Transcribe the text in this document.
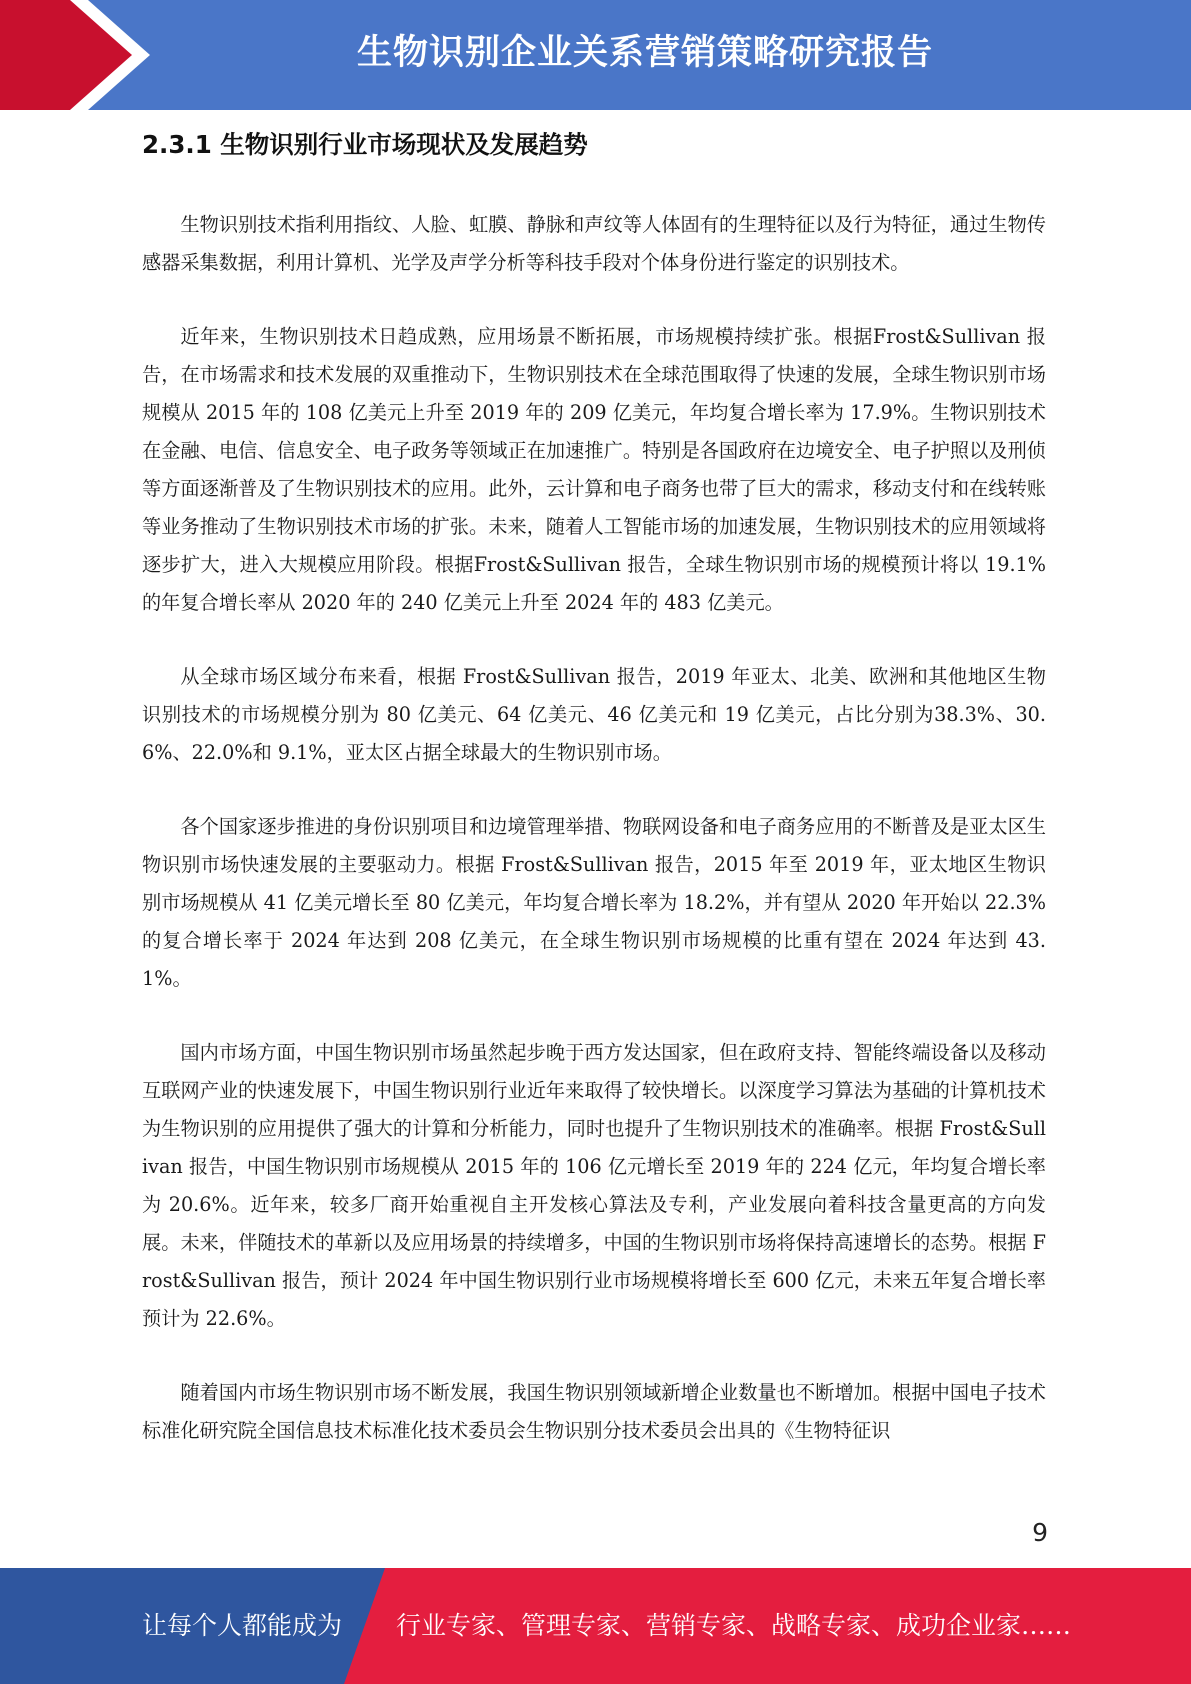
生物识别企业关系营销策略研究报告
2.3.1 生物识别行业市场现状及发展趋势

生物识别技术指利用指纹、人脸、虹膜、静脉和声纹等人体固有的生理特征以及行为特征，通过生物传感器采集数据，利用计算机、光学及声学分析等科技手段对个体身份进行鉴定的识别技术。

近年来，生物识别技术日趋成熟，应用场景不断拓展，市场规模持续扩张。根据Frost&Sullivan 报告，在市场需求和技术发展的双重推动下，生物识别技术在全球范围取得了快速的发展，全球生物识别市场规模从 2015 年的 108 亿美元上升至 2019 年的 209 亿美元，年均复合增长率为 17.9%。生物识别技术在金融、电信、信息安全、电子政务等领域正在加速推广。特别是各国政府在边境安全、电子护照以及刑侦等方面逐渐普及了生物识别技术的应用。此外，云计算和电子商务也带了巨大的需求，移动支付和在线转账等业务推动了生物识别技术市场的扩张。未来，随着人工智能市场的加速发展，生物识别技术的应用领域将逐步扩大，进入大规模应用阶段。根据Frost&Sullivan 报告，全球生物识别市场的规模预计将以 19.1%的年复合增长率从 2020 年的 240 亿美元上升至 2024 年的 483 亿美元。

从全球市场区域分布来看，根据 Frost&Sullivan 报告，2019 年亚太、北美、欧洲和其他地区生物识别技术的市场规模分别为 80 亿美元、64 亿美元、46 亿美元和 19 亿美元，占比分别为38.3%、30.6%、22.0%和 9.1%，亚太区占据全球最大的生物识别市场。

各个国家逐步推进的身份识别项目和边境管理举措、物联网设备和电子商务应用的不断普及是亚太区生物识别市场快速发展的主要驱动力。根据 Frost&Sullivan 报告，2015 年至 2019 年，亚太地区生物识别市场规模从 41 亿美元增长至 80 亿美元，年均复合增长率为 18.2%，并有望从 2020 年开始以 22.3%的复合增长率于 2024 年达到 208 亿美元，在全球生物识别市场规模的比重有望在 2024 年达到 43.1%。

国内市场方面，中国生物识别市场虽然起步晚于西方发达国家，但在政府支持、智能终端设备以及移动互联网产业的快速发展下，中国生物识别行业近年来取得了较快增长。以深度学习算法为基础的计算机技术为生物识别的应用提供了强大的计算和分析能力，同时也提升了生物识别技术的准确率。根据 Frost&Sullivan 报告，中国生物识别市场规模从 2015 年的 106 亿元增长至 2019 年的 224 亿元，年均复合增长率为 20.6%。近年来，较多厂商开始重视自主开发核心算法及专利，产业发展向着科技含量更高的方向发展。未来，伴随技术的革新以及应用场景的持续增多，中国的生物识别市场将保持高速增长的态势。根据 Frost&Sullivan 报告，预计 2024 年中国生物识别行业市场规模将增长至 600 亿元，未来五年复合增长率预计为 22.6%。

随着国内市场生物识别市场不断发展，我国生物识别领域新增企业数量也不断增加。根据中国电子技术标准化研究院全国信息技术标准化技术委员会生物识别分技术委员会出具的《生物特征识

9
让每个人都能成为 行业专家、管理专家、营销专家、战略专家、成功企业家……
